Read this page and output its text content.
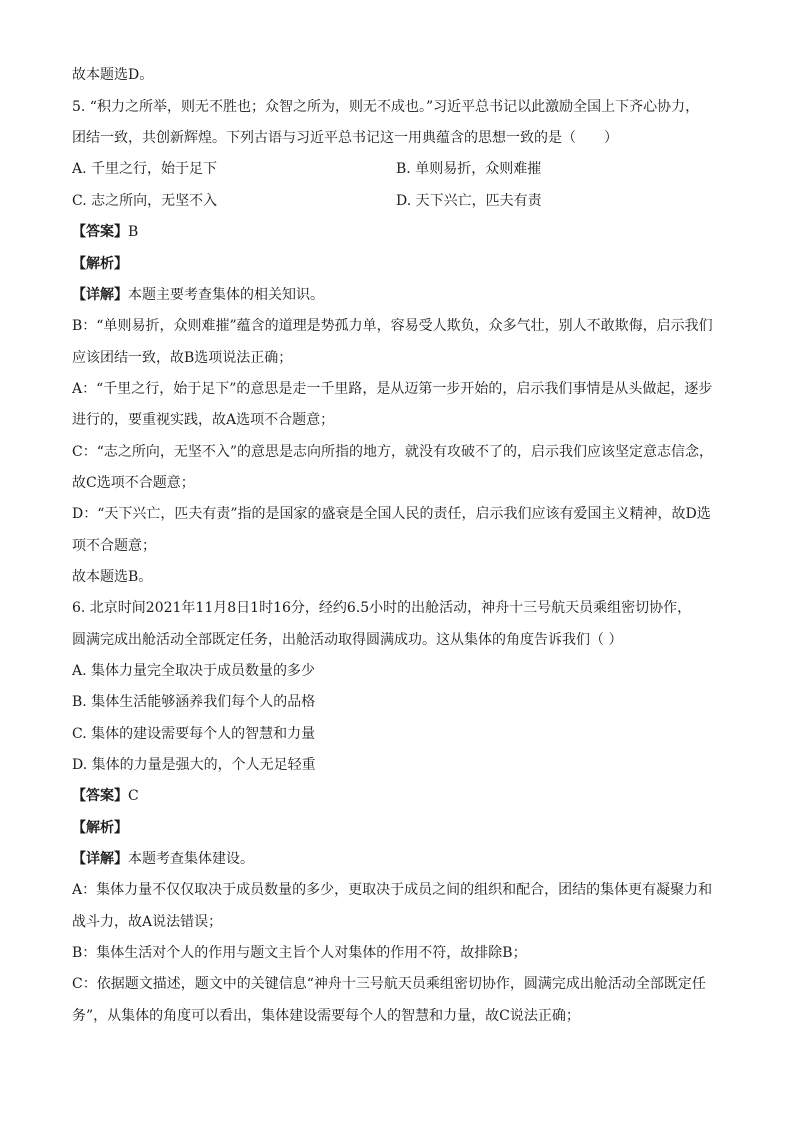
故本题选D。
5. “积力之所举，则无不胜也；众智之所为，则无不成也。”习近平总书记以此激励全国上下齐心协力，
团结一致，共创新辉煌。下列古语与习近平总书记这一用典蕴含的思想一致的是（　　）
A. 千里之行，始于足下	B. 单则易折，众则难摧
C. 志之所向，无坚不入	D. 天下兴亡，匹夫有责
【答案】B
【解析】
【详解】本题主要考查集体的相关知识。
B：“单则易折，众则难摧”蕴含的道理是势孤力单，容易受人欺负，众多气壮，别人不敢欺侮，启示我们
应该团结一致，故B选项说法正确；
A：“千里之行，始于足下”的意思是走一千里路，是从迈第一步开始的，启示我们事情是从头做起，逐步
进行的，要重视实践，故A选项不合题意；
C：“志之所向，无坚不入”的意思是志向所指的地方，就没有攻破不了的，启示我们应该坚定意志信念，
故C选项不合题意；
D：“天下兴亡，匹夫有责”指的是国家的盛衰是全国人民的责任，启示我们应该有爱国主义精神，故D选
项不合题意；
故本题选B。
6. 北京时间2021年11月8日1时16分，经约6.5小时的出舱活动，神舟十三号航天员乘组密切协作，
圆满完成出舱活动全部既定任务，出舱活动取得圆满成功。这从集体的角度告诉我们（ ）
A. 集体力量完全取决于成员数量的多少
B. 集体生活能够涵养我们每个人的品格
C. 集体的建设需要每个人的智慧和力量
D. 集体的力量是强大的，个人无足轻重
【答案】C
【解析】
【详解】本题考查集体建设。
A：集体力量不仅仅取决于成员数量的多少，更取决于成员之间的组织和配合，团结的集体更有凝聚力和
战斗力，故A说法错误；
B：集体生活对个人的作用与题文主旨个人对集体的作用不符，故排除B；
C：依据题文描述，题文中的关键信息“神舟十三号航天员乘组密切协作，圆满完成出舱活动全部既定任
务”，从集体的角度可以看出，集体建设需要每个人的智慧和力量，故C说法正确；
